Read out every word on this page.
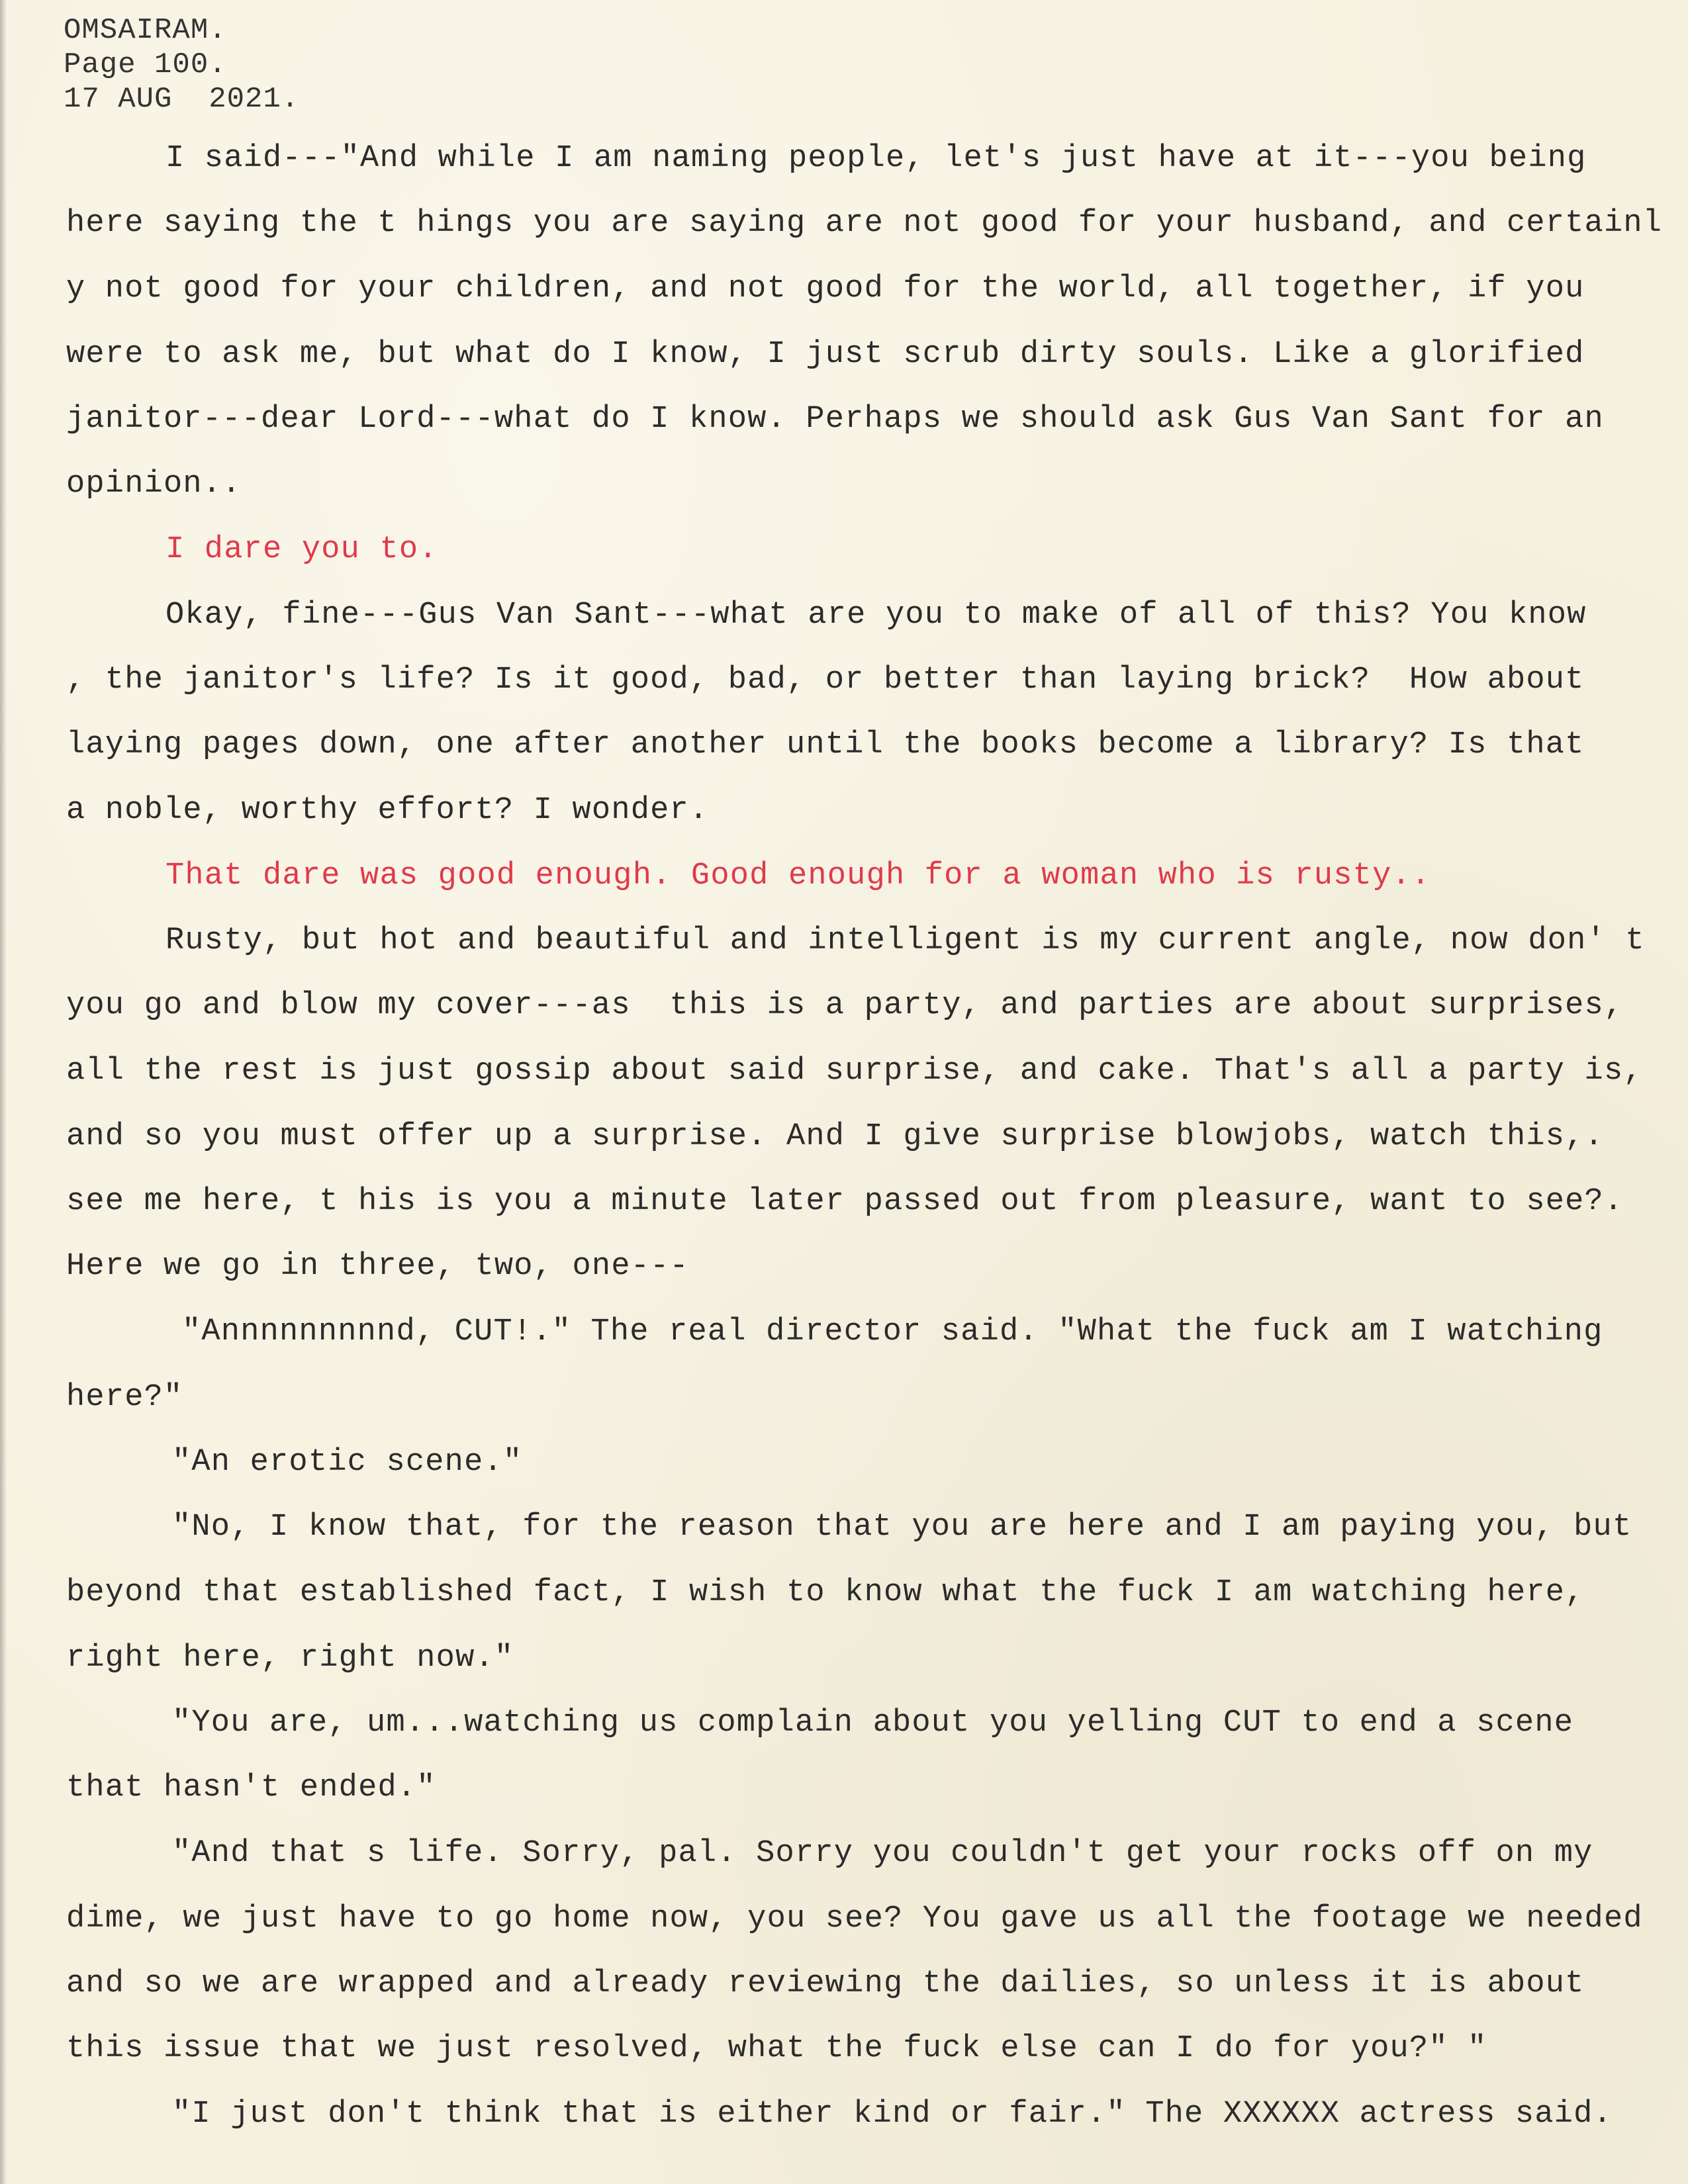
OMSAIRAM.
Page 100.
17 AUG  2021.
I said---"And while I am naming people, let's just have at it---you being
here saying the t hings you are saying are not good for your husband, and certainl
y not good for your children, and not good for the world, all together, if you
were to ask me, but what do I know, I just scrub dirty souls. Like a glorified
janitor---dear Lord---what do I know. Perhaps we should ask Gus Van Sant for an
opinion..
I dare you to.
Okay, fine---Gus Van Sant---what are you to make of all of this? You know
, the janitor's life? Is it good, bad, or better than laying brick?  How about
laying pages down, one after another until the books become a library? Is that
a noble, worthy effort? I wonder.
That dare was good enough. Good enough for a woman who is rusty..
Rusty, but hot and beautiful and intelligent is my current angle, now don' t
you go and blow my cover---as  this is a party, and parties are about surprises,
all the rest is just gossip about said surprise, and cake. That's all a party is,
and so you must offer up a surprise. And I give surprise blowjobs, watch this,.
see me here, t his is you a minute later passed out from pleasure, want to see?.
Here we go in three, two, one---
"Annnnnnnnnd, CUT!." The real director said. "What the fuck am I watching
here?"
"An erotic scene."
"No, I know that, for the reason that you are here and I am paying you, but
beyond that established fact, I wish to know what the fuck I am watching here,
right here, right now."
"You are, um...watching us complain about you yelling CUT to end a scene
that hasn't ended."
"And that s life. Sorry, pal. Sorry you couldn't get your rocks off on my
dime, we just have to go home now, you see? You gave us all the footage we needed
and so we are wrapped and already reviewing the dailies, so unless it is about
this issue that we just resolved, what the fuck else can I do for you?" "
"I just don't think that is either kind or fair." The XXXXXX actress said.
